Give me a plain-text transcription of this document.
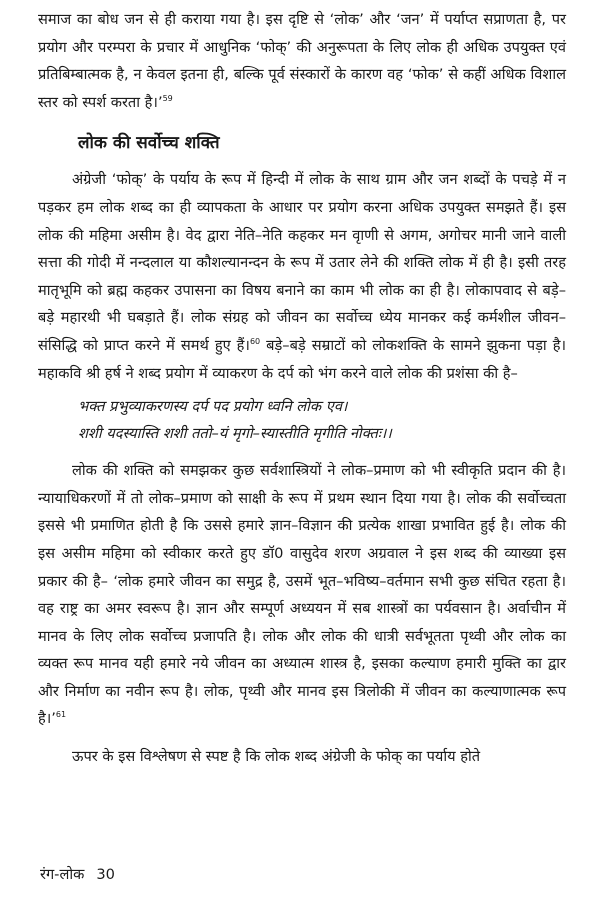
समाज का बोध जन से ही कराया गया है। इस दृष्टि से ‘लोक’ और ‘जन’ में पर्याप्त सप्राणता है, पर प्रयोग और परम्परा के प्रचार में आधुनिक ‘फोक्’ की अनुरूपता के लिए लोक ही अधिक उपयुक्त एवं प्रतिबिम्बात्मक है, न केवल इतना ही, बल्कि पूर्व संस्कारों के कारण वह ‘फोक’ से कहीं अधिक विशाल स्तर को स्पर्श करता है।’$^{59}$

लोक की सर्वोच्च शक्ति

अंग्रेजी ‘फोक्’ के पर्याय के रूप में हिन्दी में लोक के साथ ग्राम और जन शब्दों के पचड़े में न पड़कर हम लोक शब्द का ही व्यापकता के आधार पर प्रयोग करना अधिक उपयुक्त समझते हैं। इस लोक की महिमा असीम है। वेद द्वारा नेति–नेति कहकर मन वृाणी से अगम, अगोचर मानी जाने वाली सत्ता की गोदी में नन्दलाल या कौशल्यानन्दन के रूप में उतार लेने की शक्ति लोक में ही है। इसी तरह मातृभूमि को ब्रह्म कहकर उपासना का विषय बनाने का काम भी लोक का ही है। लोकापवाद से बड़े–बड़े महारथी भी घबड़ाते हैं। लोक संग्रह को जीवन का सर्वोच्च ध्येय मानकर कई कर्मशील जीवन–संसिद्धि को प्राप्त करने में समर्थ हुए हैं।$^{60}$ बड़े–बड़े सम्राटों को लोकशक्ति के सामने झुकना पड़ा है। महाकवि श्री हर्ष ने शब्द प्रयोग में व्याकरण के दर्प को भंग करने वाले लोक की प्रशंसा की है–

भक्त प्रभुव्याकरणस्य दर्प पद प्रयोग ध्वनि लोक एव।
शशी यदस्यास्ति शशी ततो–यं मृगो–स्यास्तीति मृगीति नोक्तः।।

लोक की शक्ति को समझकर कुछ सर्वशास्त्रियों ने लोक–प्रमाण को भी स्वीकृति प्रदान की है। न्यायाधिकरणों में तो लोक–प्रमाण को साक्षी के रूप में प्रथम स्थान दिया गया है। लोक की सर्वोच्चता इससे भी प्रमाणित होती है कि उससे हमारे ज्ञान–विज्ञान की प्रत्येक शाखा प्रभावित हुई है। लोक की इस असीम महिमा को स्वीकार करते हुए डॉ0 वासुदेव शरण अग्रवाल ने इस शब्द की व्याख्या इस प्रकार की है– ‘लोक हमारे जीवन का समुद्र है, उसमें भूत–भविष्य–वर्तमान सभी कुछ संचित रहता है। वह राष्ट्र का अमर स्वरूप है। ज्ञान और सम्पूर्ण अध्ययन में सब शास्त्रों का पर्यवसान है। अर्वाचीन में मानव के लिए लोक सर्वोच्च प्रजापति है। लोक और लोक की धात्री सर्वभूतता पृथ्वी और लोक का व्यक्त रूप मानव यही हमारे नये जीवन का अध्यात्म शास्त्र है, इसका कल्याण हमारी मुक्ति का द्वार और निर्माण का नवीन रूप है। लोक, पृथ्वी और मानव इस त्रिलोकी में जीवन का कल्याणात्मक रूप है।’$^{61}$

ऊपर के इस विश्लेषण से स्पष्ट है कि लोक शब्द अंग्रेजी के फोक् का पर्याय होते

रंग-लोक 30
